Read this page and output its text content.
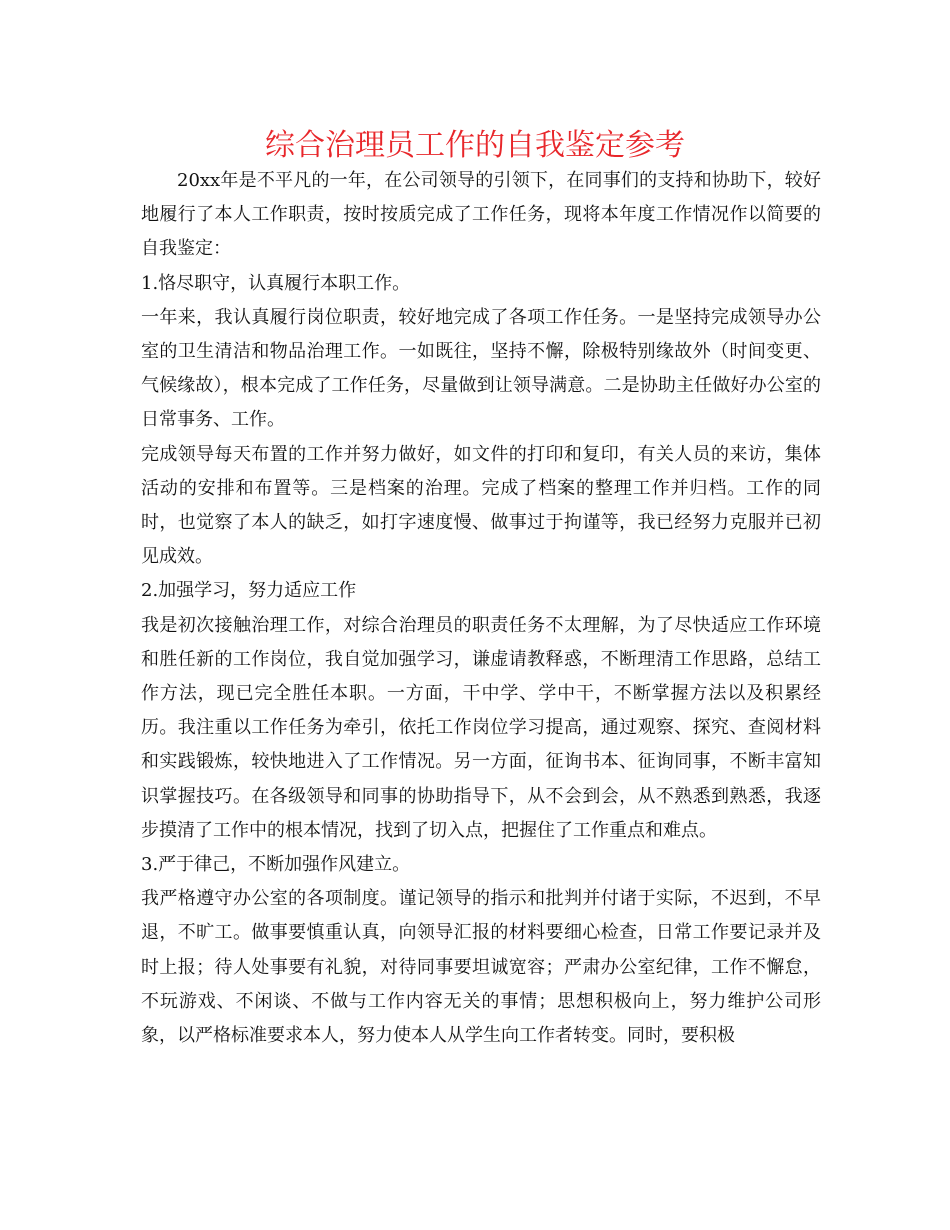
综合治理员工作的自我鉴定参考

20xx年是不平凡的一年，在公司领导的引领下，在同事们的支持和协助下，较好地履行了本人工作职责，按时按质完成了工作任务，现将本年度工作情况作以简要的自我鉴定：

1.恪尽职守，认真履行本职工作。

一年来，我认真履行岗位职责，较好地完成了各项工作任务。一是坚持完成领导办公室的卫生清洁和物品治理工作。一如既往，坚持不懈，除极特别缘故外（时间变更、气候缘故），根本完成了工作任务，尽量做到让领导满意。二是协助主任做好办公室的日常事务、工作。

完成领导每天布置的工作并努力做好，如文件的打印和复印，有关人员的来访，集体活动的安排和布置等。三是档案的治理。完成了档案的整理工作并归档。工作的同时，也觉察了本人的缺乏，如打字速度慢、做事过于拘谨等，我已经努力克服并已初见成效。

2.加强学习，努力适应工作

我是初次接触治理工作，对综合治理员的职责任务不太理解，为了尽快适应工作环境和胜任新的工作岗位，我自觉加强学习，谦虚请教释惑，不断理清工作思路，总结工作方法，现已完全胜任本职。一方面，干中学、学中干，不断掌握方法以及积累经历。我注重以工作任务为牵引，依托工作岗位学习提高，通过观察、探究、查阅材料和实践锻炼，较快地进入了工作情况。另一方面，征询书本、征询同事，不断丰富知识掌握技巧。在各级领导和同事的协助指导下，从不会到会，从不熟悉到熟悉，我逐步摸清了工作中的根本情况，找到了切入点，把握住了工作重点和难点。

3.严于律己，不断加强作风建立。

我严格遵守办公室的各项制度。谨记领导的指示和批判并付诸于实际，不迟到，不早退，不旷工。做事要慎重认真，向领导汇报的材料要细心检查，日常工作要记录并及时上报；待人处事要有礼貌，对待同事要坦诚宽容；严肃办公室纪律，工作不懈怠，不玩游戏、不闲谈、不做与工作内容无关的事情；思想积极向上，努力维护公司形象，以严格标准要求本人，努力使本人从学生向工作者转变。同时，要积极
